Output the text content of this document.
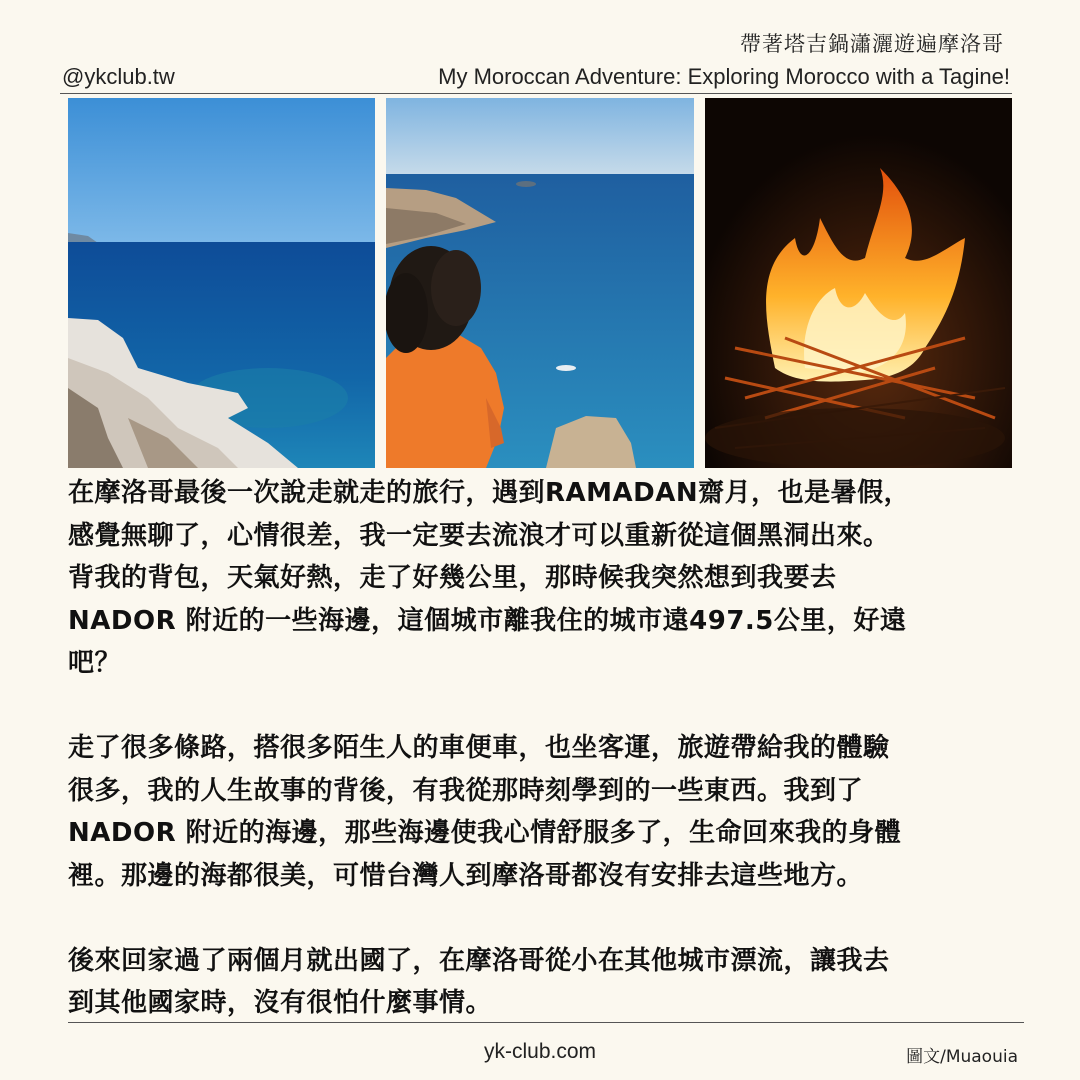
帶著塔吉鍋瀟灑遊遍摩洛哥
@ykclub.tw	My Moroccan Adventure: Exploring Morocco with a Tagine!

在摩洛哥最後一次說走就走的旅行，遇到RAMADAN齋月，也是暑假，

感覺無聊了，心情很差，我一定要去流浪才可以重新從這個黑洞出來。

背我的背包，天氣好熱，走了好幾公里，那時候我突然想到我要去

NADOR 附近的一些海邊，這個城市離我住的城市遠497.5公里，好遠

吧？

走了很多條路，搭很多陌生人的車便車，也坐客運，旅遊帶給我的體驗

很多，我的人生故事的背後，有我從那時刻學到的一些東西。我到了

NADOR 附近的海邊，那些海邊使我心情舒服多了，生命回來我的身體

裡。那邊的海都很美，可惜台灣人到摩洛哥都沒有安排去這些地方。

後來回家過了兩個月就出國了，在摩洛哥從小在其他城市漂流，讓我去

到其他國家時，沒有很怕什麼事情。

yk-club.com	圖文/Muaouia
